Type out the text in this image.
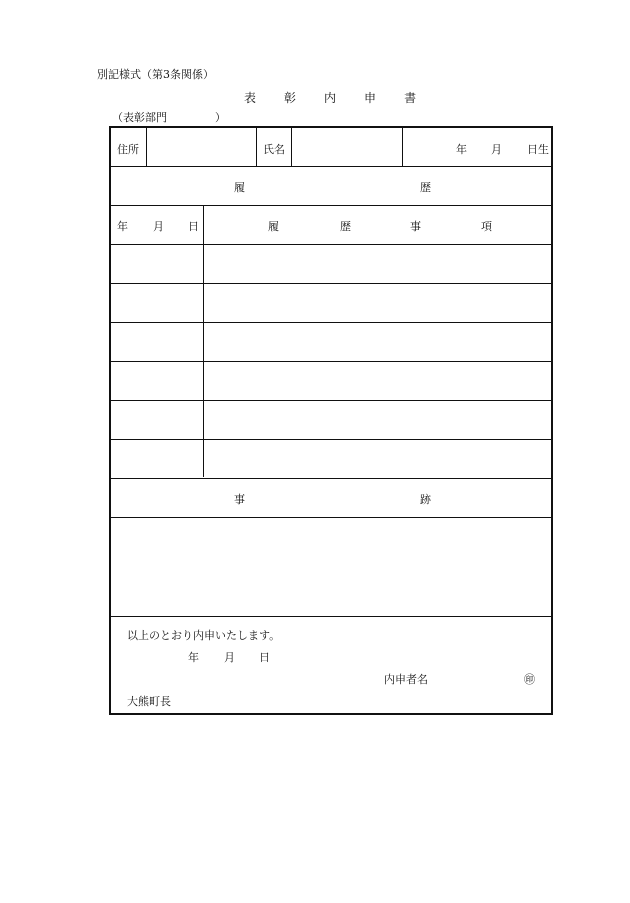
別記様式（第3条関係）
表 彰 内 申 書
（表彰部門	）
住所	氏名	年 月 日生
履	歴
年 月 日	履	歴	事	項
事	跡
以上のとおり内申いたします。
年 月 日
内申者名	㊞
大熊町長
